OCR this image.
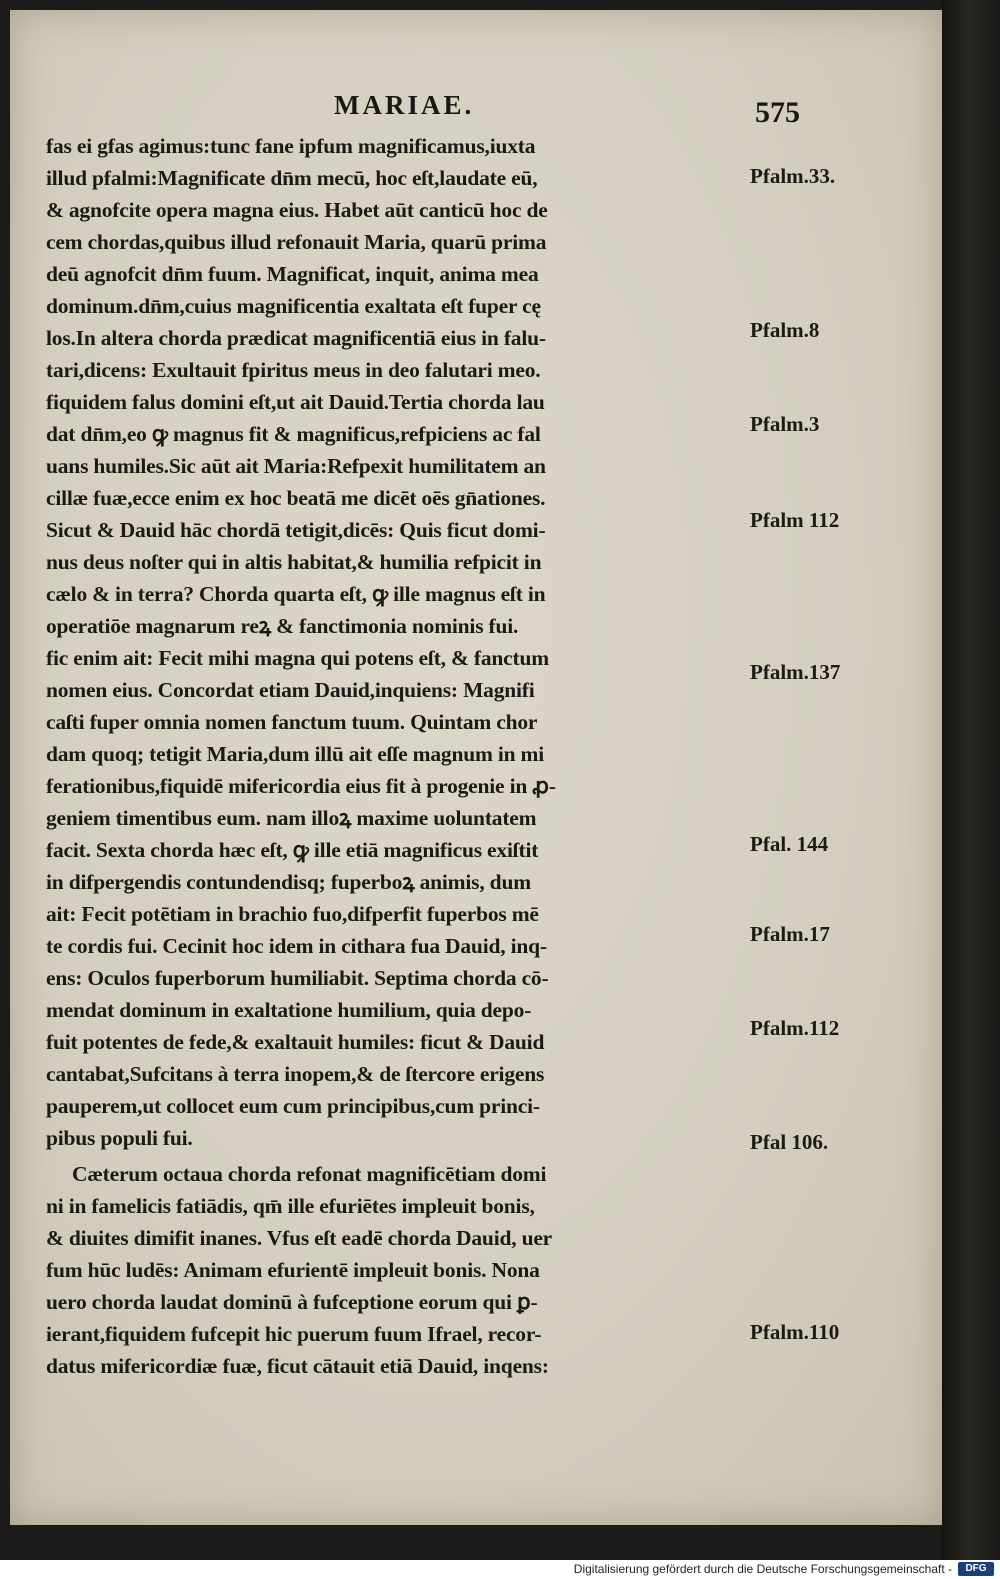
MARIAE.	575
fas ei gfas agimus:tunc fane ipfum magnificamus,iuxta
illud pfalmi:Magnificate dn̄m mecū, hoc eſt,laudate eū,
& agnofcite opera magna eius. Habet aūt canticū hoc de
cem chordas,quibus illud refonauit Maria, quarū prima
deū agnofcit dn̄m fuum. Magnificat, inquit, anima mea
dominum.dn̄m,cuius magnificentia exaltata eſt fuper cę
los.In altera chorda prædicat magnificentiā eius in falu-
tari,dicens: Exultauit fpiritus meus in deo falutari meo.
fiquidem falus domini eſt,ut ait Dauid.Tertia chorda lau
dat dn̄m,eo ꝙ magnus fit & magnificus,refpiciens ac fal
uans humiles.Sic aūt ait Maria:Refpexit humilitatem an
cillæ fuæ,ecce enim ex hoc beatā me dicēt oēs gn̄ationes.
Sicut & Dauid hāc chordā tetigit,dicēs: Quis ficut domi-
nus deus noſter qui in altis habitat,& humilia refpicit in
cælo & in terra? Chorda quarta eſt, ꝙ ille magnus eſt in
operatiōe magnarum reꝝ & fanctimonia nominis fui.
fic enim ait: Fecit mihi magna qui potens eſt, & fanctum
nomen eius. Concordat etiam Dauid,inquiens: Magnifi
caſti fuper omnia nomen fanctum tuum. Quintam chor
dam quoq; tetigit Maria,dum illū ait eſſe magnum in mi
ferationibus,fiquidē mifericordia eius fit à progenie in ꝓ-
geniem timentibus eum. nam illoꝝ maxime uoluntatem
facit. Sexta chorda hæc eſt, ꝙ ille etiā magnificus exiſtit
in difpergendis contundendisq; fuperboꝝ animis, dum
ait: Fecit potētiam in brachio fuo,difperfit fuperbos mē
te cordis fui. Cecinit hoc idem in cithara fua Dauid, inq-
ens: Oculos fuperborum humiliabit. Septima chorda cō-
mendat dominum in exaltatione humilium, quia depo-
fuit potentes de fede,& exaltauit humiles: ficut & Dauid
cantabat,Sufcitans à terra inopem,& de ſtercore erigens
pauperem,ut collocet eum cum principibus,cum princi-
pibus populi fui.
Cæterum octaua chorda refonat magnificētiam domi
ni in famelicis fatiādis, qm̄ ille efuriētes impleuit bonis,
& diuites dimifit inanes. Vfus eſt eadē chorda Dauid, uer
fum hūc ludēs: Animam efurientē impleuit bonis. Nona
uero chorda laudat dominū à fufceptione eorum qui ꝑ-
ierant,fiquidem fufcepit hic puerum fuum Ifrael, recor-
datus mifericordiæ fuæ, ficut cātauit etiā Dauid, inqens:
Pfalm.33.
Pfalm.8
Pfalm.3
Pfalm 112
Pfalm.137
Pfal. 144
Pfalm.17
Pfalm.112
Pfal 106.
Pfalm.110
Digitalisierung gefördert durch die Deutsche Forschungsgemeinschaft -	DFG
